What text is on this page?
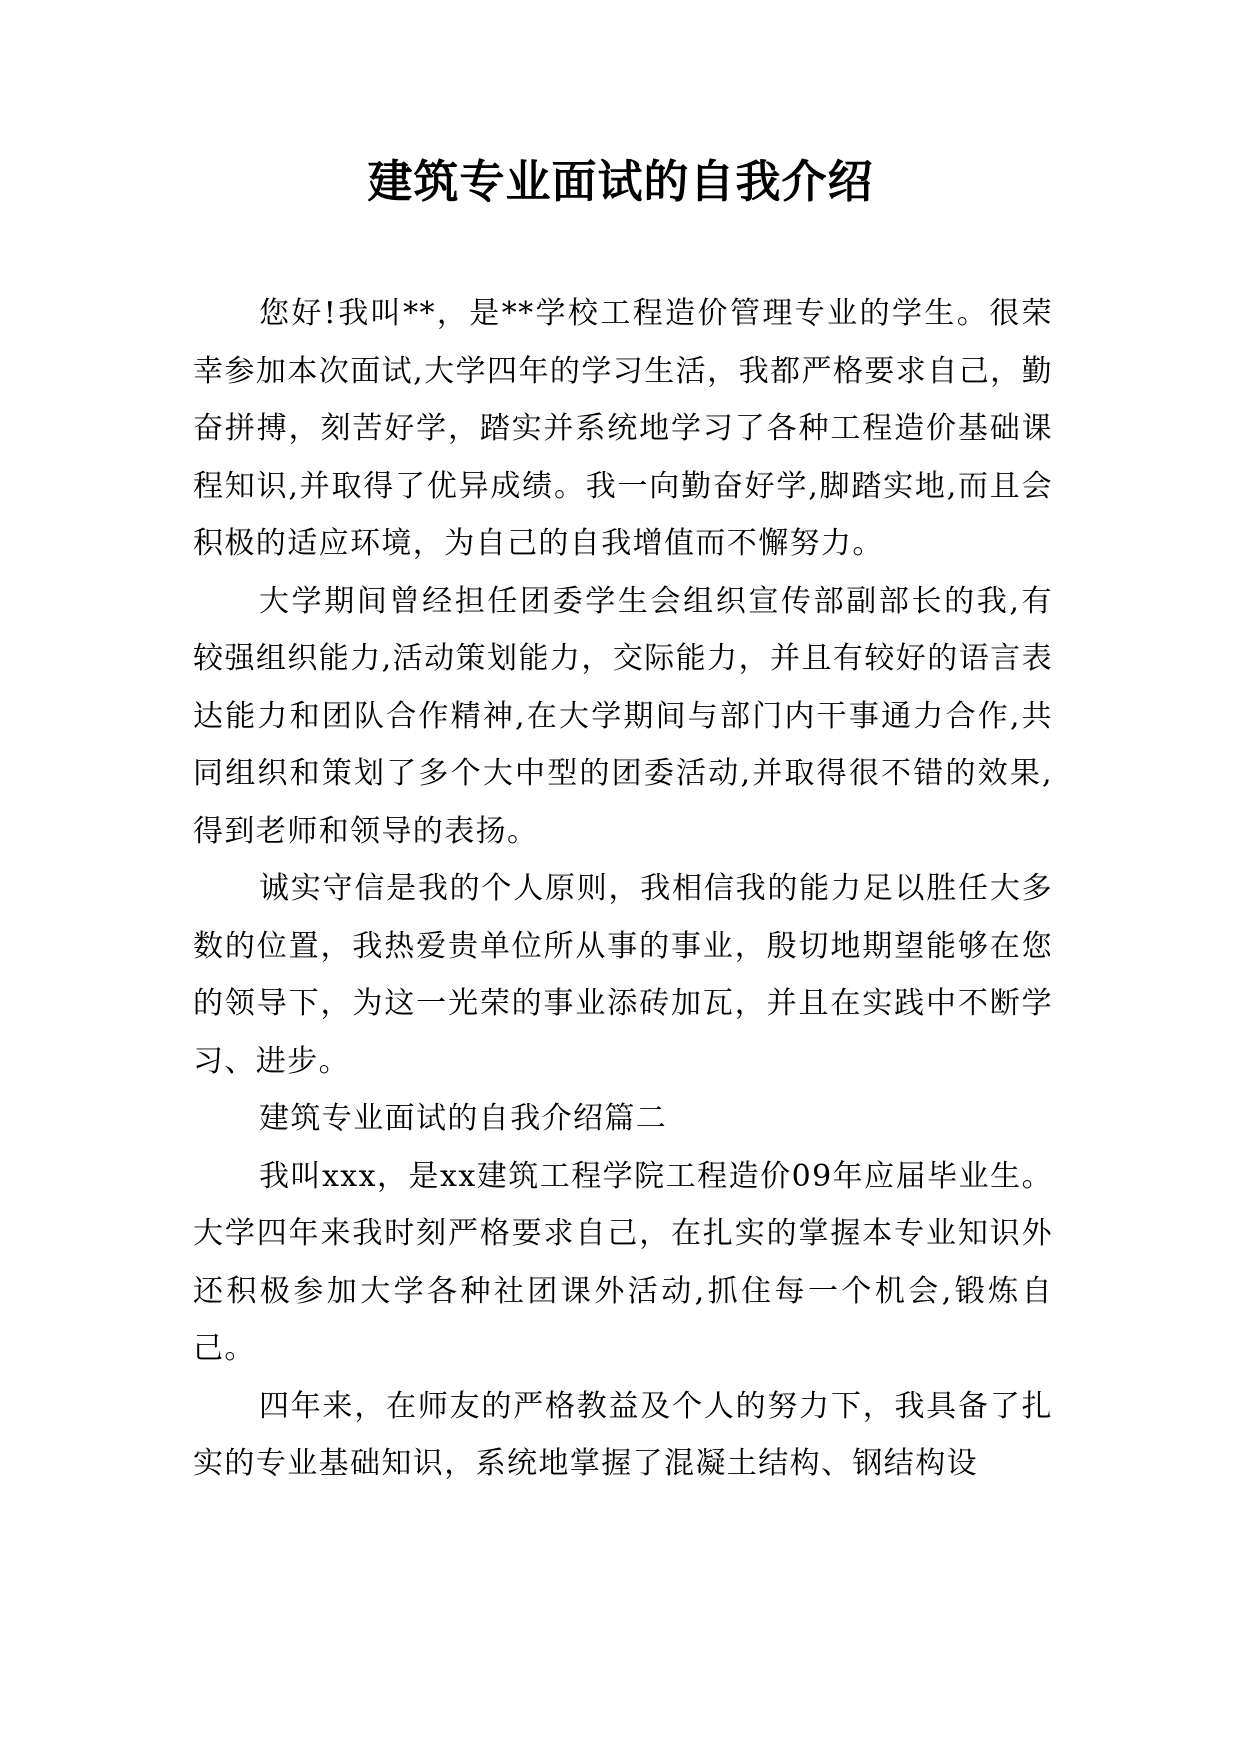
建筑专业面试的自我介绍

您好!我叫**，是**学校工程造价管理专业的学生。很荣幸参加本次面试,大学四年的学习生活，我都严格要求自己，勤奋拼搏，刻苦好学，踏实并系统地学习了各种工程造价基础课程知识,并取得了优异成绩。我一向勤奋好学,脚踏实地,而且会积极的适应环境，为自己的自我增值而不懈努力。

大学期间曾经担任团委学生会组织宣传部副部长的我,有较强组织能力,活动策划能力，交际能力，并且有较好的语言表达能力和团队合作精神,在大学期间与部门内干事通力合作,共同组织和策划了多个大中型的团委活动,并取得很不错的效果,得到老师和领导的表扬。

诚实守信是我的个人原则，我相信我的能力足以胜任大多数的位置，我热爱贵单位所从事的事业，殷切地期望能够在您的领导下，为这一光荣的事业添砖加瓦，并且在实践中不断学习、进步。

建筑专业面试的自我介绍篇二

我叫xxx，是xx建筑工程学院工程造价09年应届毕业生。大学四年来我时刻严格要求自己，在扎实的掌握本专业知识外还积极参加大学各种社团课外活动,抓住每一个机会,锻炼自己。

四年来，在师友的严格教益及个人的努力下，我具备了扎实的专业基础知识，系统地掌握了混凝土结构、钢结构设
